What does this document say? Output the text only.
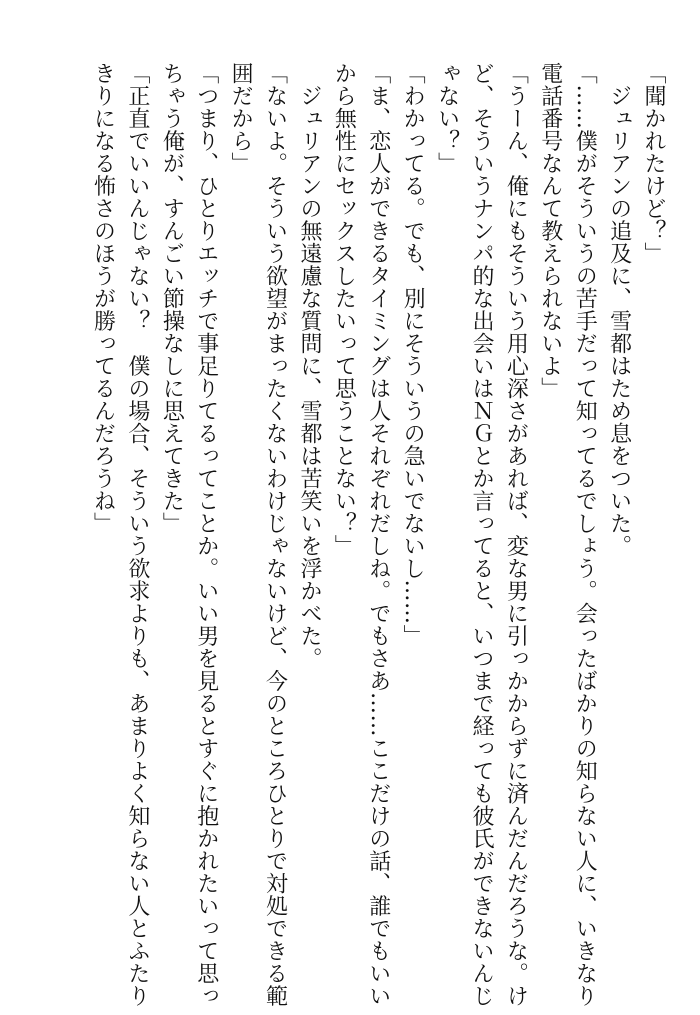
「聞かれたけど？」
　ジュリアンの追及に、雪都はため息をついた。
「……僕がそういうの苦手だって知ってるでしょう。会ったばかりの知らない人に、いきなり
電話番号なんて教えられないよ」
「うーん、俺にもそういう用心深さがあれば、変な男に引っかからずに済んだんだろうな。け
ど、そういうナンパ的な出会いはＮＧとか言ってると、いつまで経っても彼氏ができないんじ
ゃない？」
「わかってる。でも、別にそういうの急いでないし……」
「ま、恋人ができるタイミングは人それぞれだしね。でもさあ……ここだけの話、誰でもいい
から無性にセックスしたいって思うことない？」
　ジュリアンの無遠慮な質問に、雪都は苦笑いを浮かべた。
「ないよ。そういう欲望がまったくないわけじゃないけど、今のところひとりで対処できる範
囲だから」
「つまり、ひとりエッチで事足りてるってことか。いい男を見るとすぐに抱かれたいって思っ
ちゃう俺が、すんごい節操なしに思えてきた」
「正直でいいんじゃない？　僕の場合、そういう欲求よりも、あまりよく知らない人とふたり
きりになる怖さのほうが勝ってるんだろうね」
